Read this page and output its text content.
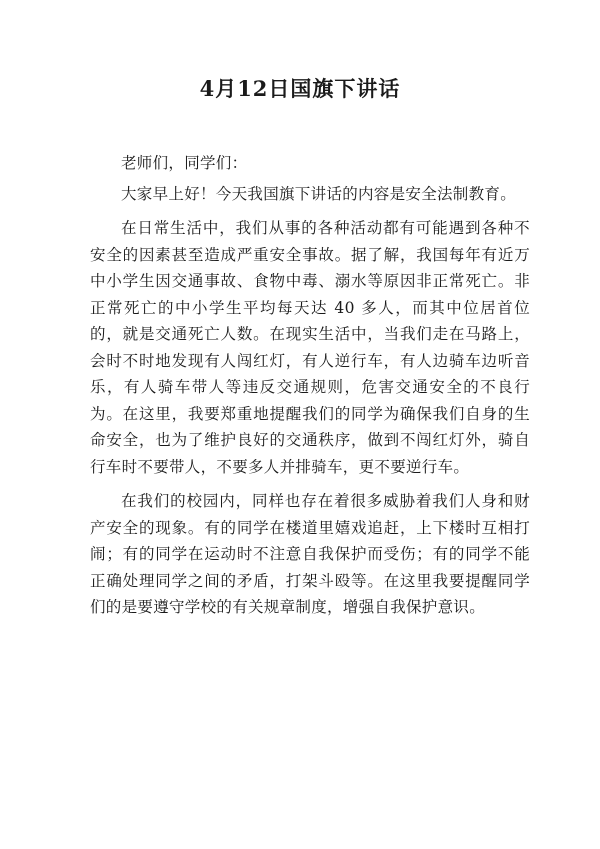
4月12日国旗下讲话

老师们，同学们：

大家早上好！今天我国旗下讲话的内容是安全法制教育。

在日常生活中，我们从事的各种活动都有可能遇到各种不安全的因素甚至造成严重安全事故。据了解，我国每年有近万中小学生因交通事故、食物中毒、溺水等原因非正常死亡。非正常死亡的中小学生平均每天达 40 多人，而其中位居首位的，就是交通死亡人数。在现实生活中，当我们走在马路上，会时不时地发现有人闯红灯，有人逆行车，有人边骑车边听音乐，有人骑车带人等违反交通规则，危害交通安全的不良行为。在这里，我要郑重地提醒我们的同学为确保我们自身的生命安全，也为了维护良好的交通秩序，做到不闯红灯外，骑自行车时不要带人，不要多人并排骑车，更不要逆行车。

在我们的校园内，同样也存在着很多威胁着我们人身和财产安全的现象。有的同学在楼道里嬉戏追赶，上下楼时互相打闹；有的同学在运动时不注意自我保护而受伤；有的同学不能正确处理同学之间的矛盾，打架斗殴等。在这里我要提醒同学们的是要遵守学校的有关规章制度，增强自我保护意识。
